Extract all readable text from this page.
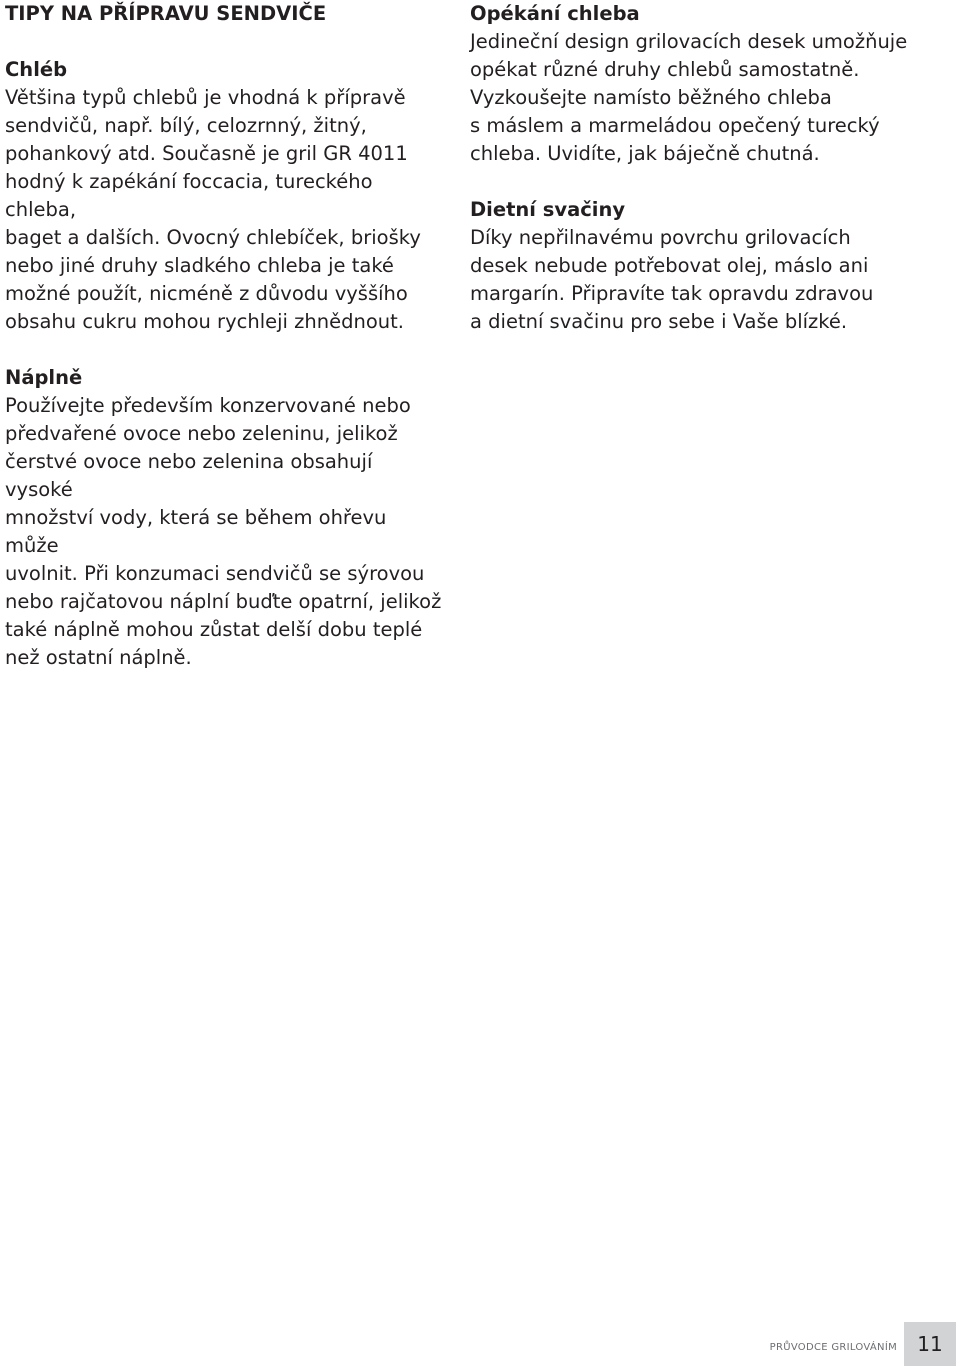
TIPY NA PŘÍPRAVU SENDVIČE
Chléb

Většina typů chlebů je vhodná k přípravě
sendvičů, např. bílý, celozrnný, žitný,
pohankový atd. Současně je gril GR 4011
hodný k zapékání foccacia, tureckého chleba,
baget a dalších. Ovocný chlebíček, briošky
nebo jiné druhy sladkého chleba je také
možné použít, nicméně z důvodu vyššího
obsahu cukru mohou rychleji zhnědnout.

Náplně

Používejte především konzervované nebo
předvařené ovoce nebo zeleninu, jelikož
čerstvé ovoce nebo zelenina obsahují vysoké
množství vody, která se během ohřevu může
uvolnit. Při konzumaci sendvičů se sýrovou
nebo rajčatovou náplní buďte opatrní, jelikož
také náplně mohou zůstat delší dobu teplé
než ostatní náplně.

Opékání chleba

Jedineční design grilovacích desek umožňuje
opékat různé druhy chlebů samostatně.
Vyzkoušejte namísto běžného chleba
s máslem a marmeládou opečený turecký
chleba. Uvidíte, jak báječně chutná.

Dietní svačiny

Díky nepřilnavému povrchu grilovacích
desek nebude potřebovat olej, máslo ani
margarín. Připravíte tak opravdu zdravou
a dietní svačinu pro sebe i Vaše blízké.

PRŮVODCE GRILOVÁNÍM 11
